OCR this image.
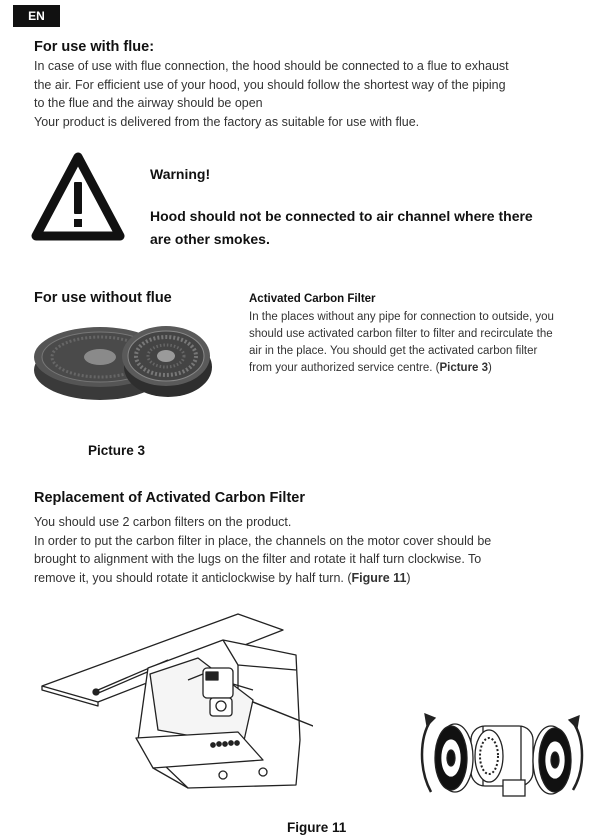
EN
For use with flue:
In case of use with flue connection, the hood should be connected to a flue to exhaust
the air. For efficient use of your hood, you should follow the shortest way of the piping
to the flue and the airway should be open
Your product is delivered from the factory as suitable for use with flue.
Warning!
Hood should not be connected to air channel where there
are other smokes.
For use without flue
Picture 3
Activated Carbon Filter
In the places without any pipe for connection to outside, you
should use activated carbon filter to filter and recirculate the
air in the place. You should get the activated carbon filter
from your authorized service centre. (Picture 3)
Replacement of Activated Carbon Filter
You should use 2 carbon filters on the product.
In order to put the carbon filter in place, the channels on the motor cover should be
brought to alignment with the lugs on the filter and rotate it half turn clockwise. To
remove it, you should rotate it anticlockwise by half turn. (Figure 11)
Figure 11
